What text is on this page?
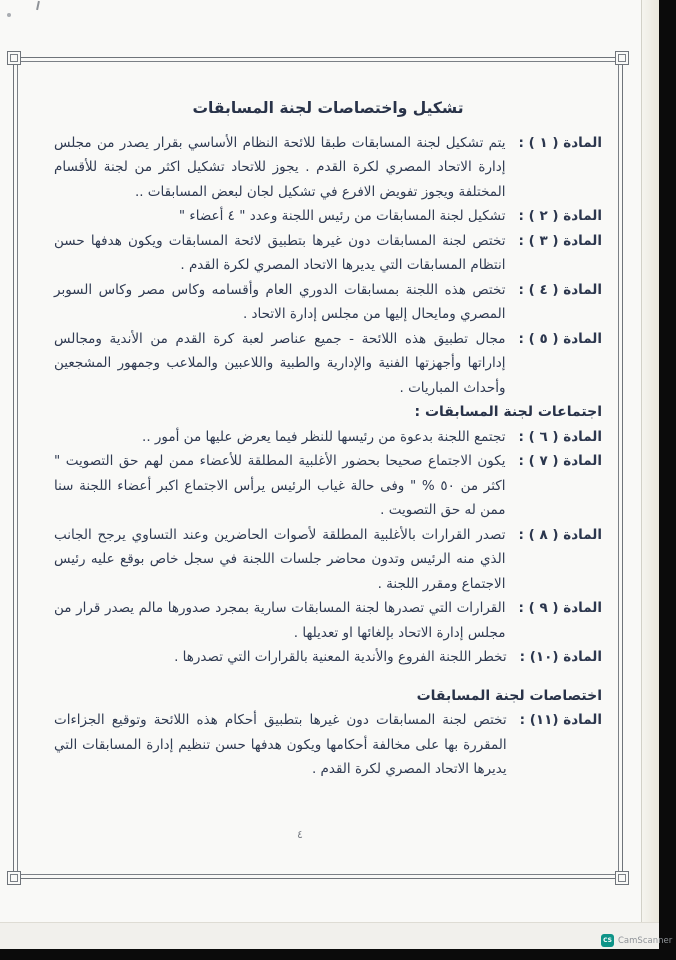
تشكيل واختصاصات لجنة المسابقات
المادة ( ١ ) :
يتم تشكيل لجنة المسابقات طبقا للائحة النظام الأساسي بقرار يصدر من مجلس إدارة الاتحاد المصري لكرة القدم . يجوز للاتحاد تشكيل اكثر من لجنة للأقسام المختلفة ويجوز تفويض الافرع في تشكيل لجان لبعض المسابقات ..
المادة ( ٢ ) :
تشكيل لجنة المسابقات من رئيس اللجنة وعدد " ٤ أعضاء "
المادة ( ٣ ) :
تختص لجنة المسابقات دون غيرها بتطبيق لائحة المسابقات ويكون هدفها حسن انتظام المسابقات التي يديرها الاتحاد المصري لكرة القدم .
المادة ( ٤ ) :
تختص هذه اللجنة بمسابقات الدوري العام وأقسامه وكاس مصر وكاس السوبر المصري ومايحال إليها من مجلس إدارة الاتحاد .
المادة ( ٥ ) :
مجال تطبيق هذه اللائحة - جميع عناصر لعبة كرة القدم من الأندية ومجالس إداراتها وأجهزتها الفنية والإدارية والطبية واللاعبين والملاعب وجمهور المشجعين وأحداث المباريات .
اجتماعات لجنة المسابقات :
المادة ( ٦ ) :
تجتمع اللجنة بدعوة من رئيسها للنظر فيما يعرض عليها من أمور ..
المادة ( ٧ ) :
يكون الاجتماع صحيحا بحضور الأغلبية المطلقة للأعضاء ممن لهم حق التصويت " اكثر من ٥٠ % " وفى حالة غياب الرئيس يرأس الاجتماع اكبر أعضاء اللجنة سنا ممن له حق التصويت .
المادة ( ٨ ) :
تصدر القرارات بالأغلبية المطلقة لأصوات الحاضرين وعند التساوي يرجح الجانب الذي منه الرئيس وتدون محاضر جلسات اللجنة في سجل خاص بوقع عليه رئيس الاجتماع ومقرر اللجنة .
المادة ( ٩ ) :
القرارات التي تصدرها لجنة المسابقات سارية بمجرد صدورها مالم يصدر قرار من مجلس إدارة الاتحاد بإلغائها او تعديلها .
المادة (١٠) :
تخطر اللجنة الفروع والأندية المعنية بالقرارات التي تصدرها .
اختصاصات لجنة المسابقات
المادة (١١) :
تختص لجنة المسابقات دون غيرها بتطبيق أحكام هذه اللائحة وتوقيع الجزاءات المقررة بها على مخالفة أحكامها ويكون هدفها حسن تنظيم إدارة المسابقات التي يديرها الاتحاد المصري لكرة القدم .
٤
CS
CamScanner
